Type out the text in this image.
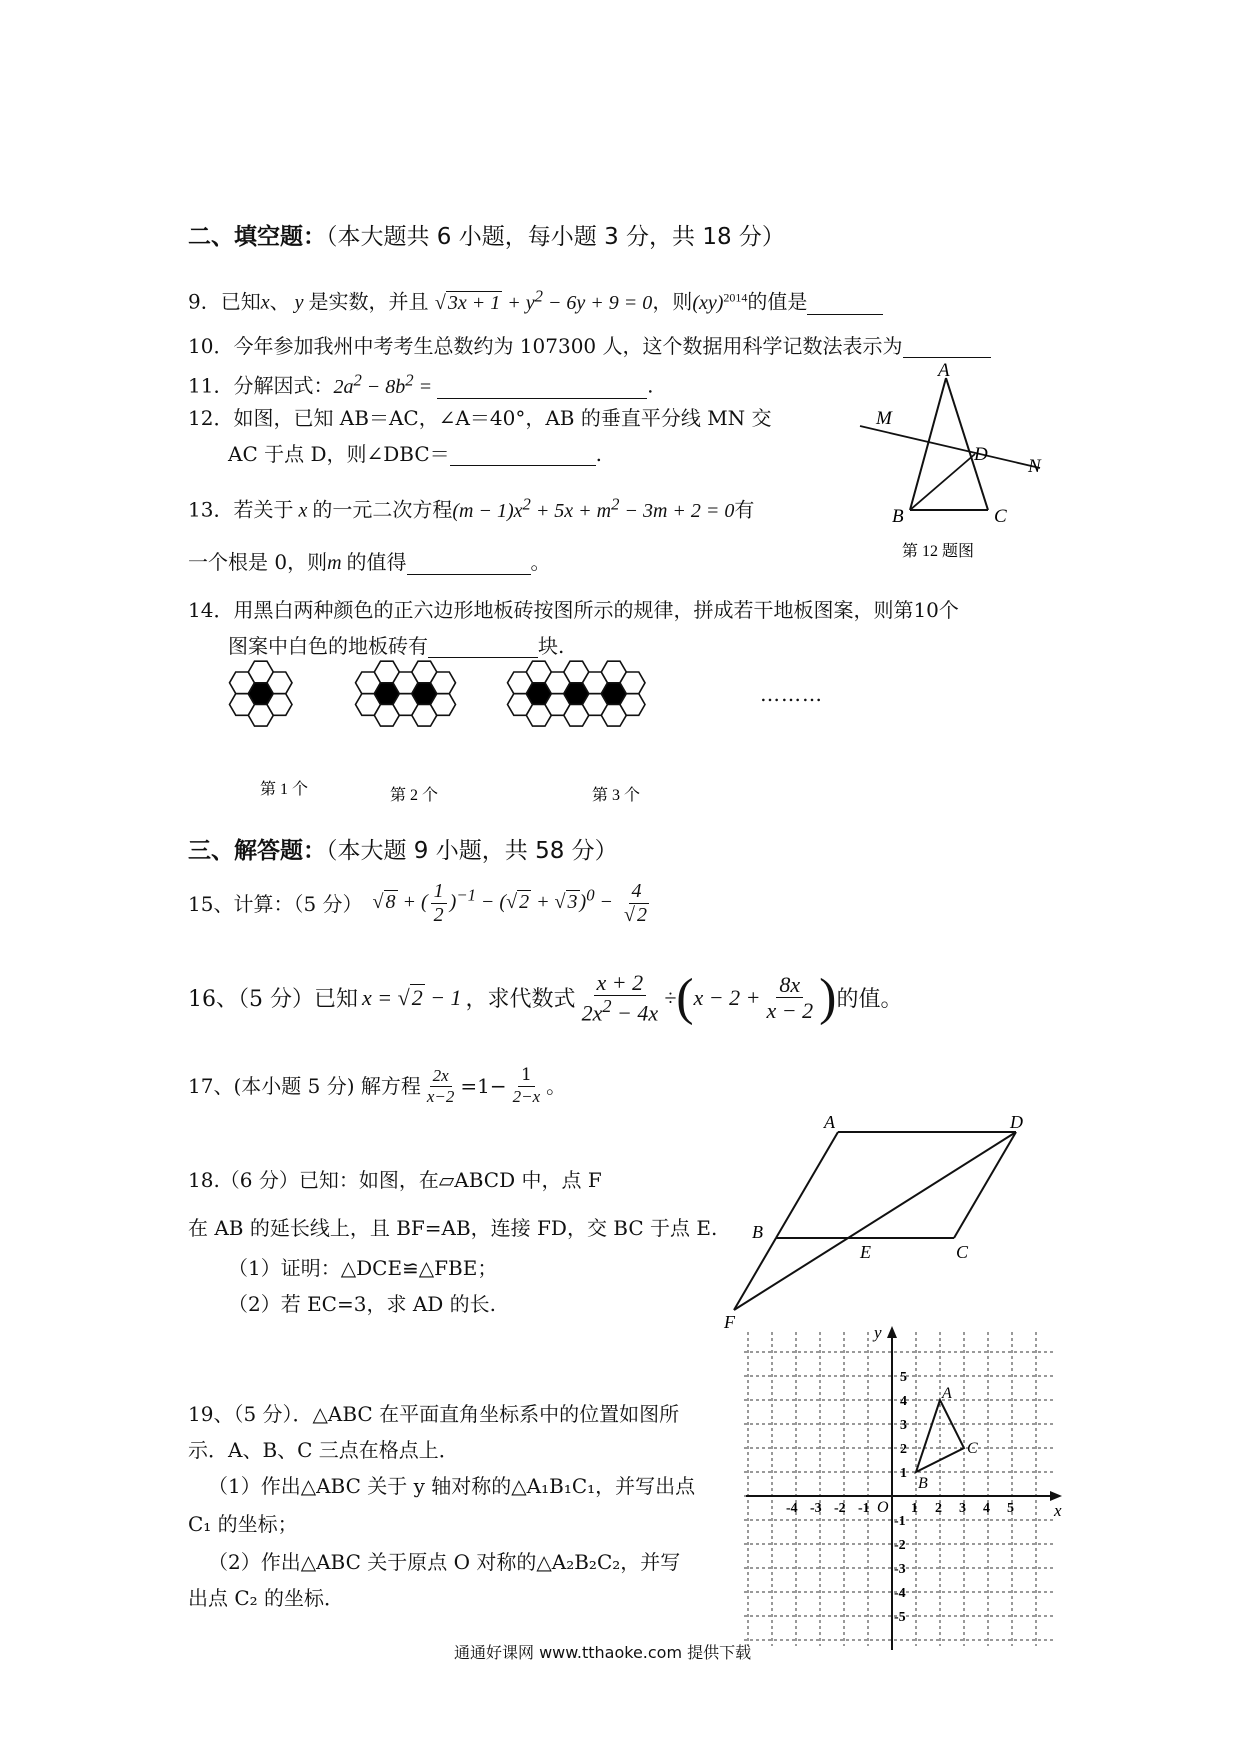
二、填空题：（本大题共 6 小题，每小题 3 分，共 18 分）
9．已知x、 y 是实数，并且 √ $3x + 1 + y^2 - 6y + 9 = 0$，则(xy)$^{2014}$的值是
10．今年参加我州中考考生总数约为 107300 人，这个数据用科学记数法表示为
11．分解因式：$2a^2 - 8b^2$ =	.
12．如图，已知 AB＝AC，∠A＝40°，AB 的垂直平分线 MN 交
AC 于点 D，则∠DBC＝	.
A
M
D
N
B	C
第 12 题图
13．若关于 x 的一元二次方程$(m - 1)x^2 + 5x + m^2 - 3m + 2 = 0$有
一个根是 0，则m 的值得	。
14．用黑白两种颜色的正六边形地板砖按图所示的规律，拼成若干地板图案，则第10个
图案中白色的地板砖有	块.
第 1 个	第 2 个	第 3 个
………
三、解答题：（本大题 9 小题，共 58 分）
15、计算：（5 分） √ 8 + ( $\frac{1}{2} )^{-1}$ − (√ 2 + √ 3 )$^0 - \frac{4}{√ 2}$
16、（5 分）已知 x = √2 − 1 ，求代数式 $\frac{x + 2}{2x^2 - 4x}$ ÷ ( $x - 2 + \frac{8x}{x - 2}$ ) 的值。
17、(本小题 5 分) 解方程 $\frac{2x}{x-2} =1- \frac{1}{2-x}$ 。
18.（6 分）已知：如图，在▱ABCD 中，点 F
在 AB 的延长线上，且 BF=AB，连接 FD，交 BC 于点 E.
（1）证明：△DCE≌△FBE；
（2）若 EC=3，求 AD 的长.
A	D
B
E	C
F
19、（5 分）．△ABC 在平面直角坐标系中的位置如图所
示．A、B、C 三点在格点上．
（1）作出△ABC 关于 y 轴对称的△A₁B₁C₁，并写出点
C₁ 的坐标；
（2）作出△ABC 关于原点 O 对称的△A₂B₂C₂，并写
出点 C₂ 的坐标．
x
y
O
-4 -3 -2 -1	1 2 3 4 5
5
4
3
2
1
-1
-2
-3
-4
-5
A
B
C
通通好课网 www.tthaoke.com 提供下载
